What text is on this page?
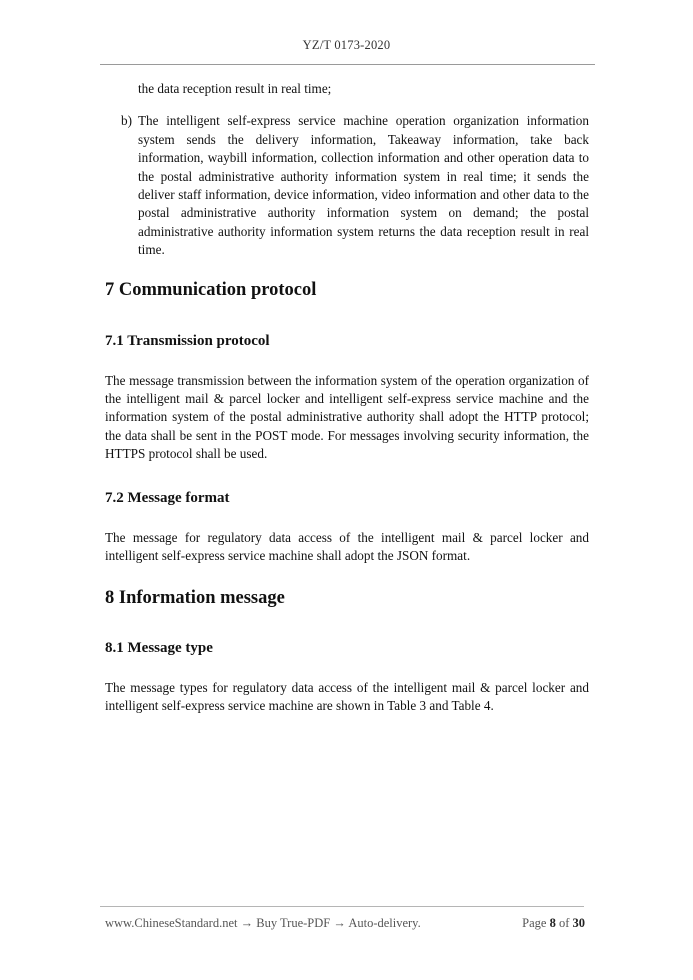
YZ/T 0173-2020

the data reception result in real time;

b) The intelligent self-express service machine operation organization information system sends the delivery information, Takeaway information, take back information, waybill information, collection information and other operation data to the postal administrative authority information system in real time; it sends the deliver staff information, device information, video information and other data to the postal administrative authority information system on demand; the postal administrative authority information system returns the data reception result in real time.

7 Communication protocol
7.1 Transmission protocol

The message transmission between the information system of the operation organization of the intelligent mail & parcel locker and intelligent self-express service machine and the information system of the postal administrative authority shall adopt the HTTP protocol; the data shall be sent in the POST mode. For messages involving security information, the HTTPS protocol shall be used.

7.2 Message format

The message for regulatory data access of the intelligent mail & parcel locker and intelligent self-express service machine shall adopt the JSON format.

8 Information message
8.1 Message type

The message types for regulatory data access of the intelligent mail & parcel locker and intelligent self-express service machine are shown in Table 3 and Table 4.

www.ChineseStandard.net → Buy True-PDF → Auto-delivery.	Page 8 of 30
